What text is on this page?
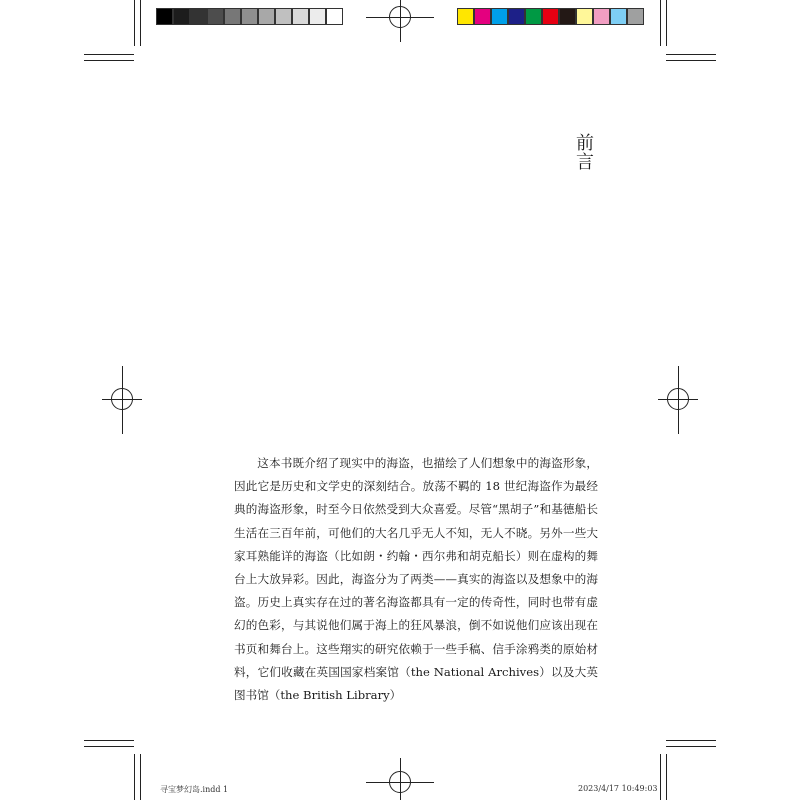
前
言

这本书既介绍了现实中的海盗，也描绘了人们想象中的海盗形象，因此它是历史和文学史的深刻结合。放荡不羁的 18 世纪海盗作为最经典的海盗形象，时至今日依然受到大众喜爱。尽管“黑胡子”和基德船长生活在三百年前，可他们的大名几乎无人不知，无人不晓。另外一些大家耳熟能详的海盗（比如朗・约翰・西尔弗和胡克船长）则在虚构的舞台上大放异彩。因此，海盗分为了两类——真实的海盗以及想象中的海盗。历史上真实存在过的著名海盗都具有一定的传奇性，同时也带有虚幻的色彩，与其说他们属于海上的狂风暴浪，倒不如说他们应该出现在书页和舞台上。这些翔实的研究依赖于一些手稿、信手涂鸦类的原始材料，它们收藏在英国国家档案馆（the National Archives）以及大英图书馆（the British Library）

寻宝梦幻岛.indd 1	2023/4/17 10:49:03
